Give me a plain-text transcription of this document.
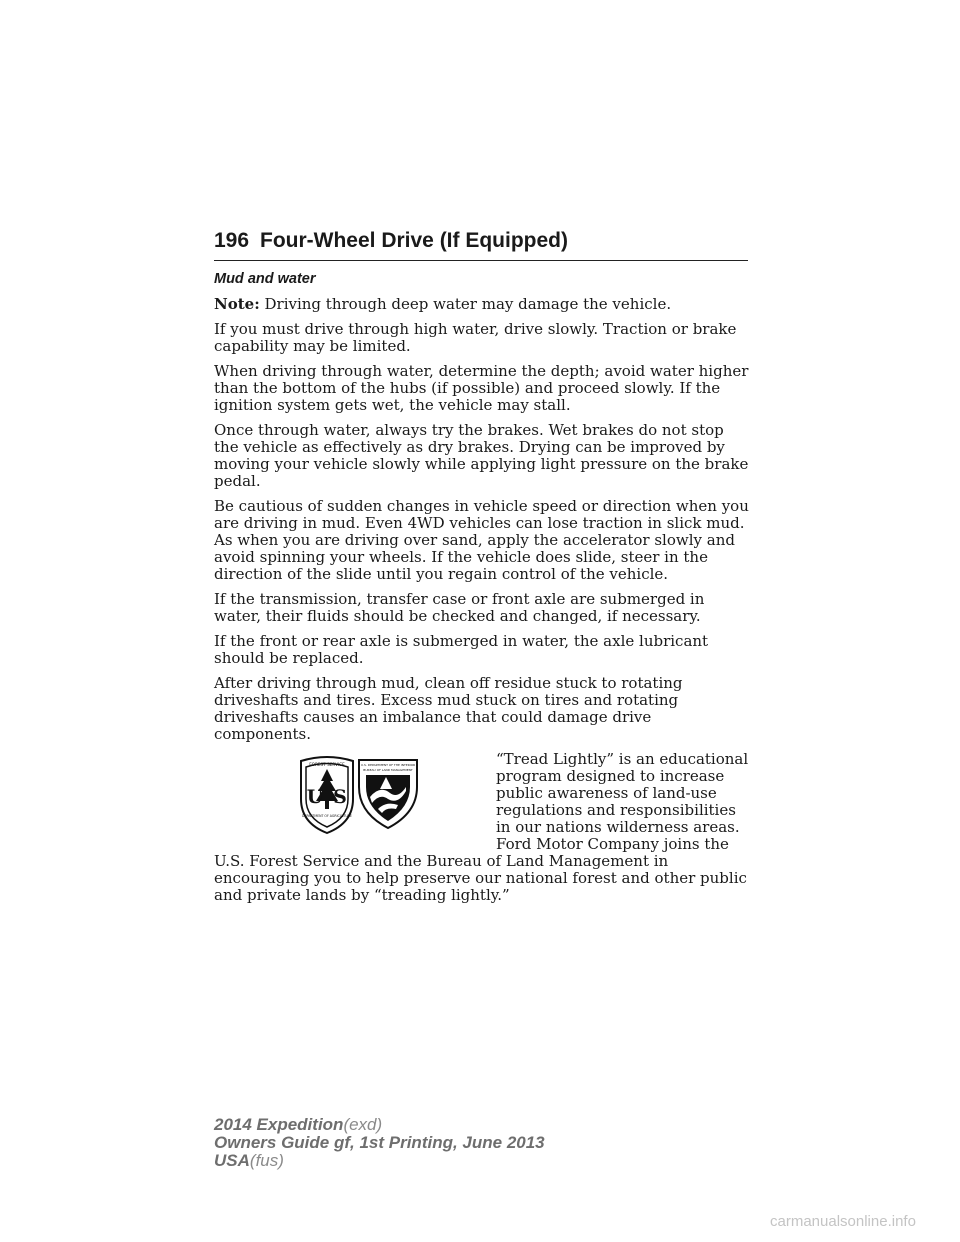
196 Four-Wheel Drive (If Equipped)
Mud and water

Note: Driving through deep water may damage the vehicle.

If you must drive through high water, drive slowly. Traction or brake capability may be limited.

When driving through water, determine the depth; avoid water higher than the bottom of the hubs (if possible) and proceed slowly. If the ignition system gets wet, the vehicle may stall.

Once through water, always try the brakes. Wet brakes do not stop the vehicle as effectively as dry brakes. Drying can be improved by moving your vehicle slowly while applying light pressure on the brake pedal.

Be cautious of sudden changes in vehicle speed or direction when you are driving in mud. Even 4WD vehicles can lose traction in slick mud. As when you are driving over sand, apply the accelerator slowly and avoid spinning your wheels. If the vehicle does slide, steer in the direction of the slide until you regain control of the vehicle.

If the transmission, transfer case or front axle are submerged in water, their fluids should be checked and changed, if necessary.

If the front or rear axle is submerged in water, the axle lubricant should be replaced.

After driving through mud, clean off residue stuck to rotating driveshafts and tires. Excess mud stuck on tires and rotating driveshafts causes an imbalance that could damage drive components.

U S
FOREST SERVICE
DEPARTMENT OF AGRICULTURE
U.S. DEPARTMENT OF THE INTERIOR
BUREAU OF LAND MANAGEMENT

“Tread Lightly” is an educational program designed to increase public awareness of land-use regulations and responsibilities in our nations wilderness areas. Ford Motor Company joins the U.S. Forest Service and the Bureau of Land Management in encouraging you to help preserve our national forest and other public and private lands by “treading lightly.”

2014 Expedition(exd)
Owners Guide gf, 1st Printing, June 2013
USA(fus)
carmanualsonline.info
